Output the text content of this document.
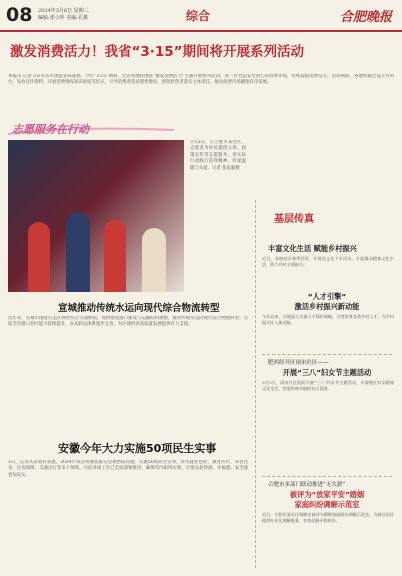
08 2024年3月6日 星期三
编辑:张小婷 美编:孔雄	综合	合肥晚报
激发消费活力！我省“3·15”期间将开展系列活动
本报讯 记者 5日从省市场监管局获悉，今年“3·15”期间，全省各地将围绕“激发消费活力”主题开展系列活动，进一步营造安全放心的消费环境，持续提振消费信心。活动期间，各地将通过设立咨询台、发放宣传资料、开展消费维权知识讲座等形式，引导消费者依法理性维权，督促经营者落实主体责任，推动消费市场健康有序发展。
志愿服务在行动
3月5日，在合肥市某社区，志愿者为居民提供义诊、政策宣传等志愿服务，用实际行动践行雷锋精神，传递温暖与关爱。记者 张家毅摄
宣城推动传统水运向现代综合物流转型
近年来，宣城市围绕打造区域性综合交通枢纽，加快推进港口建设与运输结构调整，推动传统水运向现代综合物流转型。目前全市港口吞吐能力持续提升，多式联运体系逐步完善，为区域经济高质量发展提供有力支撑。
安徽今年大力实施50项民生实事
5日，记者从省政府获悉，2024年我省将聚焦群众急难愁盼问题，实施50项民生实事，涉及就业创业、教育医疗、养老托育、住房保障、交通出行等多个领域。目前各项工作已全面部署推进，确保年内取得实效，让群众获得感、幸福感、安全感更加充实。
基层传真
丰富文化生活 赋能乡村振兴
近日，各地结合春季农时，开展送文化下乡活动，丰富群众精神文化生活，助力乡村全面振兴。
“人才引擎”
激活乡村振兴新动能
今年以来，当地深入实施人才强村战略，引进培育各类乡村人才，为乡村振兴注入新动能。
肥西经开区雨宋社区——
开展“三八”妇女节主题活动
3月5日，雨宋社区组织开展“三八”妇女节主题活动，丰富辖区妇女精神文化生活，营造和谐幸福的社区氛围。
合肥市多部门联动推进“无欠薪”
被评为“放家平安”婚姻
家庭纠纷调解示范室
近日，合肥市某社区调解室被评为婚姻家庭纠纷调解示范室，为辖区居民提供专业化调解服务，有效化解矛盾纠纷。
